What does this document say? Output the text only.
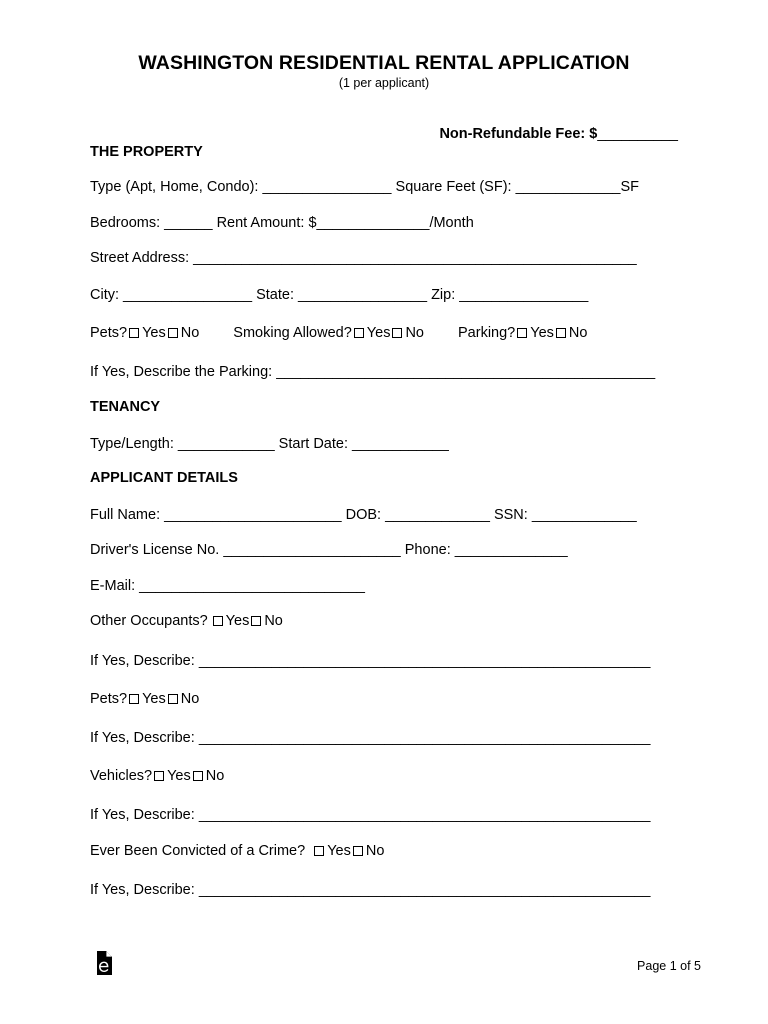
WASHINGTON RESIDENTIAL RENTAL APPLICATION
(1 per applicant)
Non-Refundable Fee: $__________
THE PROPERTY
Type (Apt, Home, Condo): ________________ Square Feet (SF): _____________SF
Bedrooms: ______ Rent Amount: $______________/Month
Street Address: _______________________________________________________
City: ________________ State: ________________ Zip: ________________
Pets? Yes No Smoking Allowed? Yes No Parking? Yes No
If Yes, Describe the Parking: _______________________________________________
TENANCY
Type/Length: ____________ Start Date: ____________
APPLICANT DETAILS
Full Name: ______________________ DOB: _____________ SSN: _____________
Driver's License No. ______________________ Phone: ______________
E-Mail: ____________________________
Other Occupants? Yes No
If Yes, Describe: ________________________________________________________
Pets? Yes No
If Yes, Describe: ________________________________________________________
Vehicles? Yes No
If Yes, Describe: ________________________________________________________
Ever Been Convicted of a Crime? Yes No
If Yes, Describe: ________________________________________________________
Page 1 of 5
